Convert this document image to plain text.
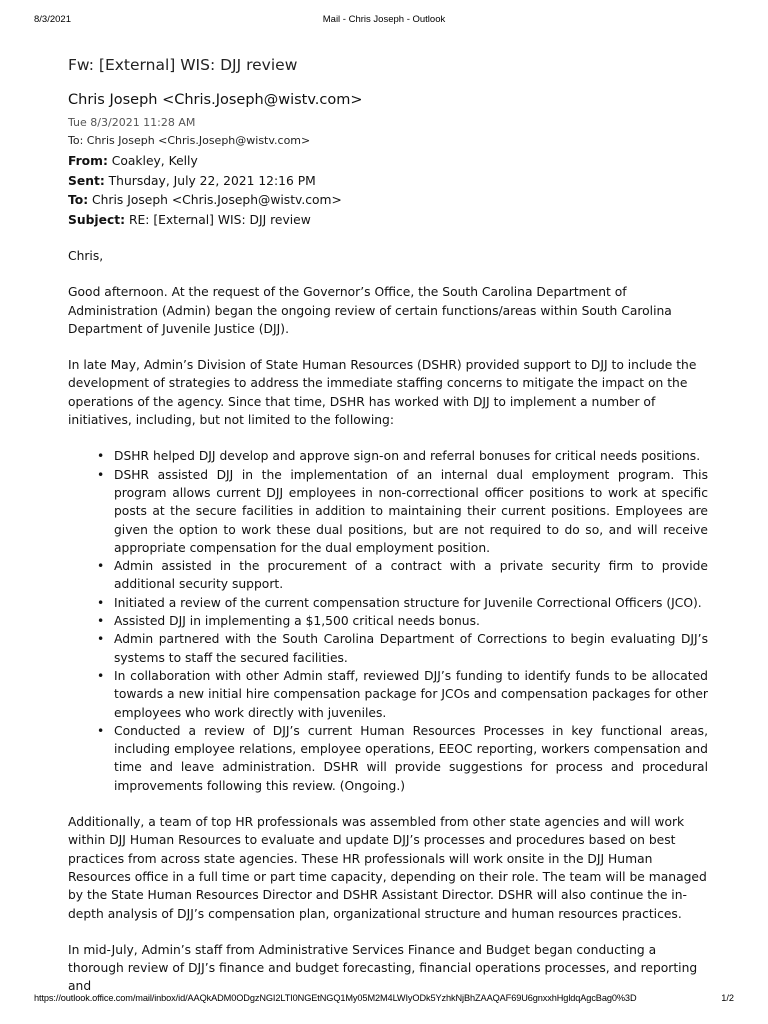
8/3/2021	Mail - Chris Joseph - Outlook
Fw: [External] WIS: DJJ review
Chris Joseph <Chris.Joseph@wistv.com>
Tue 8/3/2021 11:28 AM
To: Chris Joseph <Chris.Joseph@wistv.com>
From: Coakley, Kelly
Sent: Thursday, July 22, 2021 12:16 PM
To: Chris Joseph <Chris.Joseph@wistv.com>
Subject: RE: [External] WIS: DJJ review

Chris,

Good afternoon. At the request of the Governor’s Office, the South Carolina Department of Administration (Admin) began the ongoing review of certain functions/areas within South Carolina Department of Juvenile Justice (DJJ).

In late May, Admin’s Division of State Human Resources (DSHR) provided support to DJJ to include the development of strategies to address the immediate staffing concerns to mitigate the impact on the operations of the agency. Since that time, DSHR has worked with DJJ to implement a number of initiatives, including, but not limited to the following:

• DSHR helped DJJ develop and approve sign-on and referral bonuses for critical needs positions.
• DSHR assisted DJJ in the implementation of an internal dual employment program. This program allows current DJJ employees in non-correctional officer positions to work at specific posts at the secure facilities in addition to maintaining their current positions. Employees are given the option to work these dual positions, but are not required to do so, and will receive appropriate compensation for the dual employment position.
• Admin assisted in the procurement of a contract with a private security firm to provide additional security support.
• Initiated a review of the current compensation structure for Juvenile Correctional Officers (JCO).
• Assisted DJJ in implementing a $1,500 critical needs bonus.
• Admin partnered with the South Carolina Department of Corrections to begin evaluating DJJ’s systems to staff the secured facilities.
• In collaboration with other Admin staff, reviewed DJJ’s funding to identify funds to be allocated towards a new initial hire compensation package for JCOs and compensation packages for other employees who work directly with juveniles.
• Conducted a review of DJJ’s current Human Resources Processes in key functional areas, including employee relations, employee operations, EEOC reporting, workers compensation and time and leave administration. DSHR will provide suggestions for process and procedural improvements following this review. (Ongoing.)

Additionally, a team of top HR professionals was assembled from other state agencies and will work within DJJ Human Resources to evaluate and update DJJ’s processes and procedures based on best practices from across state agencies. These HR professionals will work onsite in the DJJ Human Resources office in a full time or part time capacity, depending on their role. The team will be managed by the State Human Resources Director and DSHR Assistant Director. DSHR will also continue the in-depth analysis of DJJ’s compensation plan, organizational structure and human resources practices.

In mid-July, Admin’s staff from Administrative Services Finance and Budget began conducting a thorough review of DJJ’s finance and budget forecasting, financial operations processes, and reporting and

https://outlook.office.com/mail/inbox/id/AAQkADM0ODgzNGI2LTI0NGEtNGQ1My05M2M4LWIyODk5YzhkNjBhZAAQAF69U6gnxxhHgldqAgcBag0%3D	1/2
